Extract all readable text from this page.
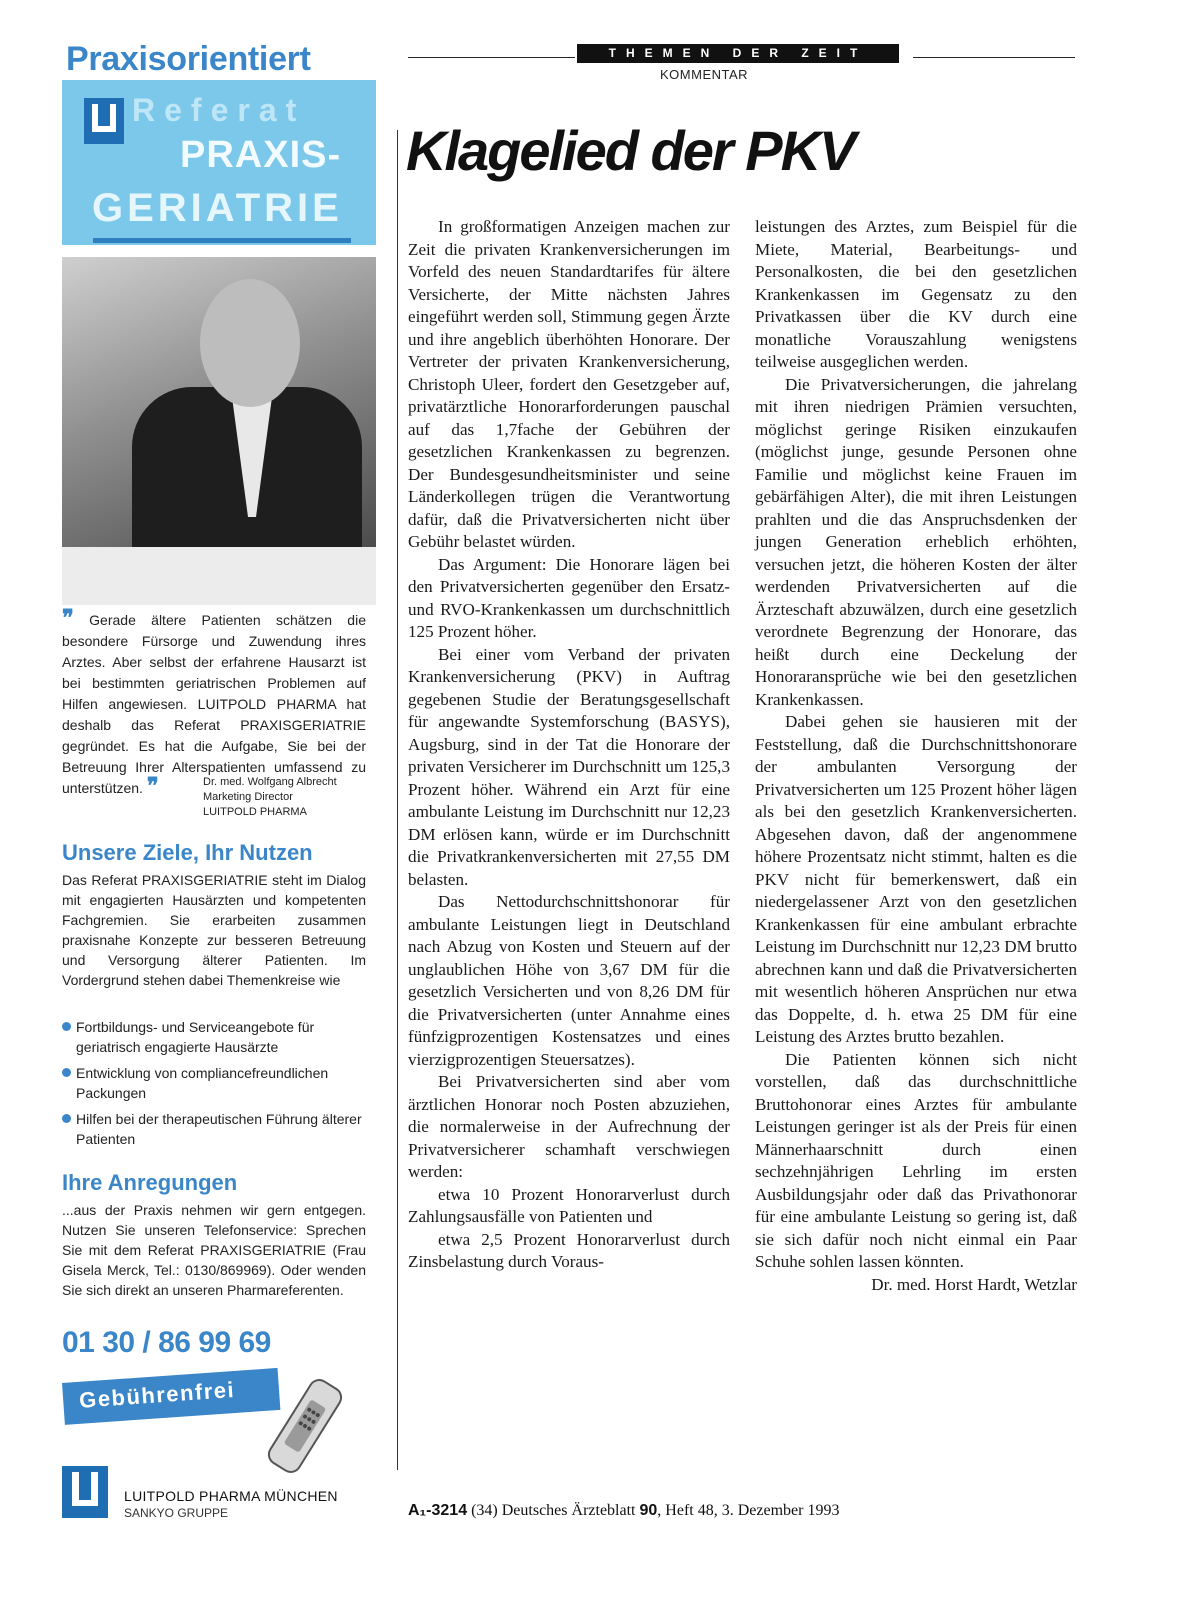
Praxisorientiert
Referat
PRAXIS-
GERIATRIE
❞ Gerade ältere Patienten schätzen die besondere Fürsorge und Zuwendung ihres Arztes. Aber selbst der erfahrene Hausarzt ist bei bestimmten geriatrischen Problemen auf Hilfen angewiesen. LUITPOLD PHARMA hat deshalb das Referat PRAXISGERIATRIE gegründet. Es hat die Aufgabe, Sie bei der Betreuung Ihrer Alterspatienten umfassend zu unterstützen. ❞	Dr. med. Wolfgang Albrecht
Marketing Director
LUITPOLD PHARMA
Unsere Ziele, Ihr Nutzen
Das Referat PRAXISGERIATRIE steht im Dialog mit engagierten Hausärzten und kompetenten Fachgremien. Sie erarbeiten zusammen praxisnahe Konzepte zur besseren Betreuung und Versorgung älterer Patienten. Im Vordergrund stehen dabei Themenkreise wie
Fortbildungs- und Serviceangebote für geriatrisch engagierte Hausärzte
Entwicklung von compliancefreundlichen Packungen
Hilfen bei der therapeutischen Führung älterer Patienten
Ihre Anregungen
...aus der Praxis nehmen wir gern entgegen. Nutzen Sie unseren Telefonservice: Sprechen Sie mit dem Referat PRAXISGERIATRIE (Frau Gisela Merck, Tel.: 0130/869969). Oder wenden Sie sich direkt an unseren Pharmareferenten.
01 30 / 86 99 69
Gebührenfrei
LUITPOLD PHARMA MÜNCHEN
SANKYO GRUPPE
THEMEN DER ZEIT
KOMMENTAR
Klagelied der PKV

In großformatigen Anzeigen machen zur Zeit die privaten Krankenversicherungen im Vorfeld des neuen Standardtarifes für ältere Versicherte, der Mitte nächsten Jahres eingeführt werden soll, Stimmung gegen Ärzte und ihre angeblich überhöhten Honorare. Der Vertreter der privaten Krankenversicherung, Christoph Uleer, fordert den Gesetzgeber auf, privatärztliche Honorarforderungen pauschal auf das 1,7fache der Gebühren der gesetzlichen Krankenkassen zu begrenzen. Der Bundesgesundheitsminister und seine Länderkollegen trügen die Verantwortung dafür, daß die Privatversicherten nicht über Gebühr belastet würden.

Das Argument: Die Honorare lägen bei den Privatversicherten gegenüber den Ersatz- und RVO-Krankenkassen um durchschnittlich 125 Prozent höher.

Bei einer vom Verband der privaten Krankenversicherung (PKV) in Auftrag gegebenen Studie der Beratungsgesellschaft für angewandte Systemforschung (BASYS), Augsburg, sind in der Tat die Honorare der privaten Versicherer im Durchschnitt um 125,3 Prozent höher. Während ein Arzt für eine ambulante Leistung im Durchschnitt nur 12,23 DM erlösen kann, würde er im Durchschnitt die Privatkrankenversicherten mit 27,55 DM belasten.

Das Nettodurchschnittshonorar für ambulante Leistungen liegt in Deutschland nach Abzug von Kosten und Steuern auf der unglaublichen Höhe von 3,67 DM für die gesetzlich Versicherten und von 8,26 DM für die Privatversicherten (unter Annahme eines fünfzigprozentigen Kostensatzes und eines vierzigprozentigen Steuersatzes).

Bei Privatversicherten sind aber vom ärztlichen Honorar noch Posten abzuziehen, die normalerweise in der Aufrechnung der Privatversicherer schamhaft verschwiegen werden:

etwa 10 Prozent Honorarverlust durch Zahlungsausfälle von Patienten und

etwa 2,5 Prozent Honorarverlust durch Zinsbelastung durch Voraus-

leistungen des Arztes, zum Beispiel für die Miete, Material, Bearbeitungs- und Personalkosten, die bei den gesetzlichen Krankenkassen im Gegensatz zu den Privatkassen über die KV durch eine monatliche Vorauszahlung wenigstens teilweise ausgeglichen werden.

Die Privatversicherungen, die jahrelang mit ihren niedrigen Prämien versuchten, möglichst geringe Risiken einzukaufen (möglichst junge, gesunde Personen ohne Familie und möglichst keine Frauen im gebärfähigen Alter), die mit ihren Leistungen prahlten und die das Anspruchsdenken der jungen Generation erheblich erhöhten, versuchen jetzt, die höheren Kosten der älter werdenden Privatversicherten auf die Ärzteschaft abzuwälzen, durch eine gesetzlich verordnete Begrenzung der Honorare, das heißt durch eine Deckelung der Honoraransprüche wie bei den gesetzlichen Krankenkassen.

Dabei gehen sie hausieren mit der Feststellung, daß die Durchschnittshonorare der ambulanten Versorgung der Privatversicherten um 125 Prozent höher lägen als bei den gesetzlich Krankenversicherten. Abgesehen davon, daß der angenommene höhere Prozentsatz nicht stimmt, halten es die PKV nicht für bemerkenswert, daß ein niedergelassener Arzt von den gesetzlichen Krankenkassen für eine ambulant erbrachte Leistung im Durchschnitt nur 12,23 DM brutto abrechnen kann und daß die Privatversicherten mit wesentlich höheren Ansprüchen nur etwa das Doppelte, d. h. etwa 25 DM für eine Leistung des Arztes brutto bezahlen.

Die Patienten können sich nicht vorstellen, daß das durchschnittliche Bruttohonorar eines Arztes für ambulante Leistungen geringer ist als der Preis für einen Männerhaarschnitt durch einen sechzehnjährigen Lehrling im ersten Ausbildungsjahr oder daß das Privathonorar für eine ambulante Leistung so gering ist, daß sie sich dafür noch nicht einmal ein Paar Schuhe sohlen lassen könnten.

Dr. med. Horst Hardt, Wetzlar

A₁-3214 (34) Deutsches Ärzteblatt 90, Heft 48, 3. Dezember 1993
